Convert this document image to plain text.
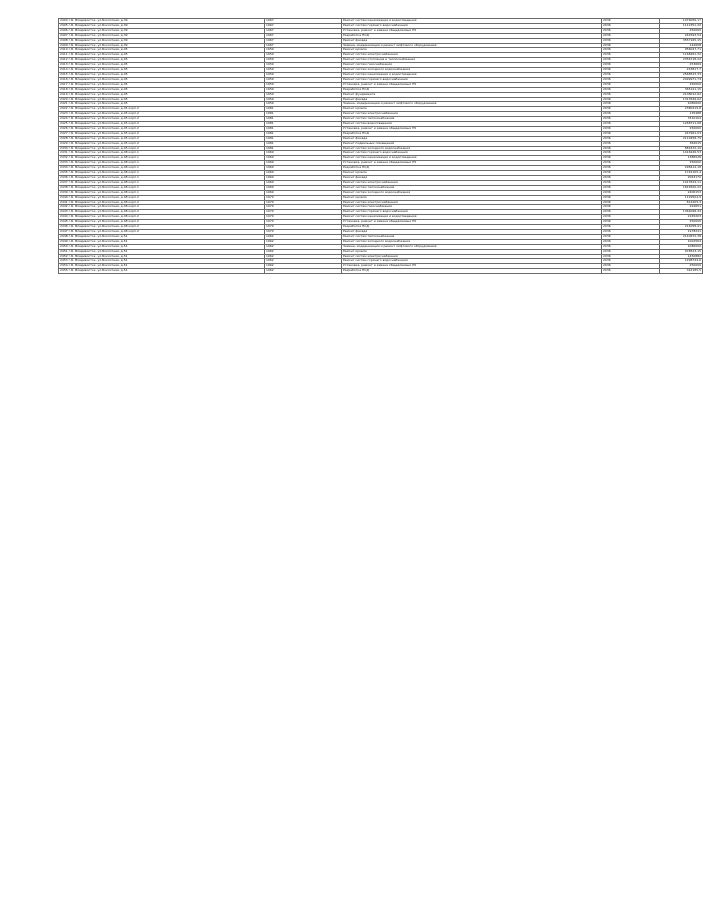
2404 г.Б. Владивосток, ул.Бокситная, д.39	1967	Ремонт систем канализации и водоотведения	2036	1076056,17
2405 г.Б. Владивосток, ул.Бокситная, д.39	1967	Ремонт систем горячего водоснабжения	2036	1112351,32
2406 г.Б. Владивосток, ул.Бокситная, д.39	1967	Установка, ремонт и замена общедомовых ПУ	2036	250000
2407 г.Б. Владивосток, ул.Бокситная, д.39	1967	Разработка ПСД	2036	244593,54
2408 г.Б. Владивосток, ул.Бокситная, д.39	1967	Ремонт фасада	2036	3557165,15
2409 г.Б. Владивосток, ул.Бокситная, д.39	1967	Замена, модернизация и ремонт лифтового оборудования	2036	142608
2410 г.Б. Владивосток, ул.Бокситная, д.45	1959	Ремонт кровли	2036	956047,71
2411 г.Б. Владивосток, ул.Бокситная, д.45	1959	Ремонт систем электроснабжения	2036	1168261,32
2412 г.Б. Владивосток, ул.Бокситная, д.45	1959	Ремонт систем отопления и теплоснабжения	2036	2356718,22
2413 г.Б. Владивосток, ул.Бокситная, д.45	1959	Ремонт систем газоснабжения	2036	253669
2414 г.Б. Владивосток, ул.Бокситная, д.45	1959	Ремонт систем холодного водоснабжения	2036	243817,7
2415 г.Б. Владивосток, ул.Бокситная, д.45	1959	Ремонт систем канализации и водоотведения	2036	2568523,33
2416 г.Б. Владивосток, ул.Бокситная, д.45	1959	Ремонт систем горячего водоснабжения	2036	2499971,74
2417 г.Б. Владивосток, ул.Бокситная, д.45	1959	Установка, ремонт и замена общедомовых ПУ	2036	250000
2418 г.Б. Владивосток, ул.Бокситная, д.45	1959	Разработка ПСД	2036	365121,15
2419 г.Б. Владивосток, ул.Бокситная, д.45	1959	Ремонт фундамента	2036	2108012,62
2420 г.Б. Владивосток, ул.Бокситная, д.45	1959	Ремонт фасада	2036	1313549,02
2421 г.Б. Владивосток, ул.Бокситная, д.45	1959	Замена, модернизация и ремонт лифтового оборудования	2036	1080000
2422 г.Б. Владивосток, ул.Бокситная, д.45 корп.2	1981	Ремонт кровли	2036	2380419,8
2423 г.Б. Владивосток, ул.Бокситная, д.45 корп.2	1981	Ремонт систем электроснабжения	2036	135488
2424 г.Б. Владивосток, ул.Бокситная, д.45 корп.2	1981	Ремонт систем теплоснабжения	2036	3310104
2425 г.Б. Владивосток, ул.Бокситная, д.45 корп.2	1981	Ремонт систем водоотведения	2036	1268711,08
2426 г.Б. Владивосток, ул.Бокситная, д.45 корп.2	1981	Установка, ремонт и замена общедомовых ПУ	2036	250000
2427 г.Б. Владивосток, ул.Бокситная, д.45 корп.2	1981	Разработка ПСД	2036	247961,03
2428 г.Б. Владивосток, ул.Бокситная, д.45 корп.2	1981	Ремонт фасада	2036	2119458,79
2429 г.Б. Владивосток, ул.Бокситная, д.45 корп.2	1981	Ремонт подвальных помещений	2036	362015
2430 г.Б. Владивосток, ул.Бокситная, д.45 корп.2	1981	Ремонт систем холодного водоснабжения	2036	881672,19
2431 г.Б. Владивосток, ул.Бокситная, д.48 корп.1	1969	Ремонт систем горячего водоснабжения	2036	1416226,53
2432 г.Б. Владивосток, ул.Бокситная, д.48 корп.1	1969	Ремонт систем канализации и водоотведения	2036	1386528
2433 г.Б. Владивосток, ул.Бокситная, д.48 корп.1	1969	Установка, ремонт и замена общедомовых ПУ	2036	250000
2434 г.Б. Владивосток, ул.Бокситная, д.48 корп.1	1969	Разработка ПСД	2036	298414,18
2435 г.Б. Владивосток, ул.Бокситная, д.48 корп.1	1969	Ремонт кровли	2036	1742105,4
2436 г.Б. Владивосток, ул.Бокситная, д.48 корп.1	1969	Ремонт фасада	2036	2063170
2437 г.Б. Владивосток, ул.Бокситная, д.48 корп.1	1969	Ремонт систем электроснабжения	2036	1013524,11
2438 г.Б. Владивосток, ул.Бокситная, д.48 корп.1	1969	Ремонт систем теплоснабжения	2036	1816500,22
2439 г.Б. Владивосток, ул.Бокситная, д.48 корп.1	1969	Ремонт систем холодного водоснабжения	2036	2406153
2440 г.Б. Владивосток, ул.Бокситная, д.48 корп.2	1970	Ремонт кровли	2036	1129504,9
2441 г.Б. Владивосток, ул.Бокситная, д.48 корп.2	1970	Ремонт систем электроснабжения	2036	812205,3
2442 г.Б. Владивосток, ул.Бокситная, д.48 корп.2	1970	Ремонт систем газоснабжения	2036	294651
2443 г.Б. Владивосток, ул.Бокситная, д.48 корп.2	1970	Ремонт систем горячего водоснабжения	2036	1364098,44
2444 г.Б. Владивосток, ул.Бокситная, д.48 корп.2	1970	Ремонт систем канализации и водоотведения	2036	2165203
2445 г.Б. Владивосток, ул.Бокситная, д.48 корп.2	1970	Установка, ремонт и замена общедомовых ПУ	2036	250000
2446 г.Б. Владивосток, ул.Бокситная, д.48 корп.2	1970	Разработка ПСД	2036	214058,91
2447 г.Б. Владивосток, ул.Бокситная, д.48 корп.2	1970	Ремонт фасада	2036	1978241
2448 г.Б. Владивосток, ул.Бокситная, д.51	1962	Ремонт систем теплоснабжения	2036	2140672,38
2449 г.Б. Владивосток, ул.Бокситная, д.51	1962	Ремонт систем холодного водоснабжения	2036	1002564
2450 г.Б. Владивосток, ул.Бокситная, д.51	1962	Замена, модернизация и ремонт лифтового оборудования	2036	1080000
2451 г.Б. Владивосток, ул.Бокситная, д.51	1962	Ремонт кровли	2036	978523,15
2452 г.Б. Владивосток, ул.Бокситная, д.51	1962	Ремонт систем электроснабжения	2036	1450882
2453 г.Б. Владивосток, ул.Бокситная, д.51	1962	Ремонт систем горячего водоснабжения	2036	1298744,6
2454 г.Б. Владивосток, ул.Бокситная, д.51	1962	Установка, ремонт и замена общедомовых ПУ	2036	250000
2455 г.Б. Владивосток, ул.Бокситная, д.51	1962	Разработка ПСД	2036	342185,5
